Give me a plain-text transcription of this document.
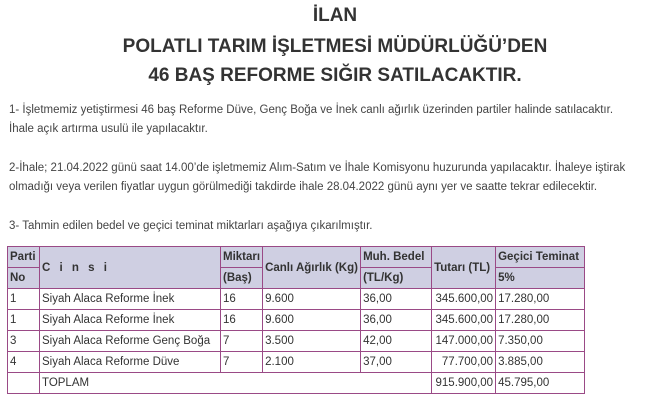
İLAN
POLATLI TARIM İŞLETMESİ MÜDÜRLÜĞÜ’DEN
46 BAŞ REFORME SIĞIR SATILACAKTIR.
1- İşletmemiz yetiştirmesi 46 baş Reforme Düve, Genç Boğa ve İnek canlı ağırlık üzerinden partiler halinde satılacaktır.
İhale açık artırma usulü ile yapılacaktır.
2-İhale; 21.04.2022 günü saat 14.00’de işletmemiz Alım-Satım ve İhale Komisyonu huzurunda yapılacaktır. İhaleye iştirak
olmadığı veya verilen fiyatlar uygun görülmediği takdirde ihale 28.04.2022 günü aynı yer ve saatte tekrar edilecektir.
3- Tahmin edilen bedel ve geçici teminat miktarları aşağıya çıkarılmıştır.
Parti	C i n s i	Miktarı	Canlı Ağırlık (Kg)	Muh. Bedel	Tutarı (TL)	Geçici Teminat
No		(Baş)		(TL/Kg)		5%
1	Siyah Alaca Reforme İnek	16	9.600	36,00	345.600,00	17.280,00
1	Siyah Alaca Reforme İnek	16	9.600	36,00	345.600,00	17.280,00
3	Siyah Alaca Reforme Genç Boğa	7	3.500	42,00	147.000,00	7.350,00
4	Siyah Alaca Reforme Düve	7	2.100	37,00	77.700,00	3.885,00
	TOPLAM				915.900,00	45.795,00
